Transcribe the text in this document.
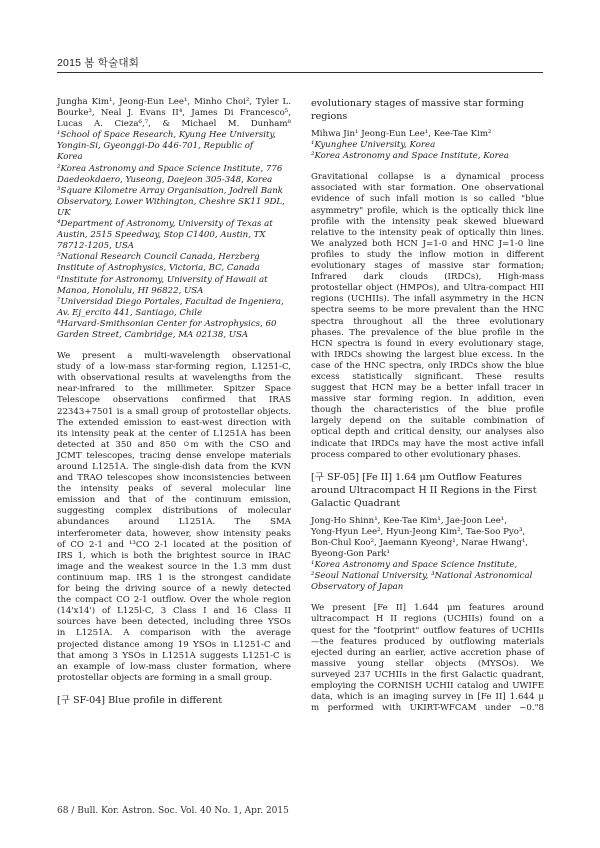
2015 봄 학술대회
Jungha Kim¹, Jeong-Eun Lee¹, Minho Choi², Tyler L.
Bourke³, Neal J. Evans II⁴, James Di Francesco⁵,
Lucas A. Cieza⁶,⁷, & Michael M. Dunham⁸
¹School of Space Research, Kyung Hee University,
Yongin-Si, Gyeonggi-Do 446-701, Republic of
Korea
²Korea Astronomy and Space Science Institute, 776
Daedeokdaero, Yuseong, Daejeon 305-348, Korea
³Square Kilometre Array Organisation, Jodrell Bank
Observatory, Lower Withington, Cheshre SK11 9DL,
UK
⁴Department of Astronomy, University of Texas at
Austin, 2515 Speedway, Stop C1400, Austin, TX
78712-1205, USA
⁵National Research Council Canada, Herzberg
Institute of Astrophysics, Victoria, BC, Canada
⁶Institute for Astronomy, University of Hawaii at
Manoa, Honolulu, HI 96822, USA
⁷Universidad Diego Portales, Facultad de Ingeniera,
Av. Ej_ercito 441, Santiago, Chile
⁸Harvard-Smithsonian Center for Astrophysics, 60
Garden Street, Cambridge, MA 02138, USA
We present a multi-wavelength observational
study of a low-mass star-forming region, L1251-C,
with observational results at wavelengths from the
near-infrared to the millimeter. Spitzer Space
Telescope observations confirmed that IRAS
22343+7501 is a small group of protostellar objects.
The extended emission to east-west direction with
its intensity peak at the center of L1251A has been
detected at 350 and 850 ㅇm with the CSO and
JCMT telescopes, tracing dense envelope materials
around L1251A. The single-dish data from the KVN
and TRAO telescopes show inconsistencies between
the intensity peaks of several molecular line
emission and that of the continuum emission,
suggesting complex distributions of molecular
abundances around L1251A. The SMA
interferometer data, however, show intensity peaks
of CO 2-1 and ¹³CO 2-1 located at the position of
IRS 1, which is both the brightest source in IRAC
image and the weakest source in the 1.3 mm dust
continuum map. IRS 1 is the strongest candidate
for being the driving source of a newly detected
the compact CO 2-1 outflow. Over the whole region
(14'x14') of L125l-C, 3 Class I and 16 Class II
sources have been detected, including three YSOs
in L1251A. A comparison with the average
projected distance among 19 YSOs in L1251-C and
that among 3 YSOs in L1251A suggests L1251-C is
an example of low-mass cluster formation, where
protostellar objects are forming in a small group.
[구 SF-04] Blue profile in different
evolutionary stages of massive star forming
regions
Mihwa Jin¹ Jeong-Eun Lee¹, Kee-Tae Kim²
¹Kyunghee University, Korea
²Korea Astronomy and Space Institute, Korea
Gravitational collapse is a dynamical process
associated with star formation. One observational
evidence of such infall motion is so called "blue
asymmetry" profile, which is the optically thick line
profile with the intensity peak skewed blueward
relative to the intensity peak of optically thin lines.
We analyzed both HCN J=1-0 and HNC J=1-0 line
profiles to study the inflow motion in different
evolutionary stages of massive star formation;
Infrared dark clouds (IRDCs), High-mass
protostellar object (HMPOs), and Ultra-compact HII
regions (UCHIIs). The infall asymmetry in the HCN
spectra seems to be more prevalent than the HNC
spectra throughout all the three evolutionary
phases. The prevalence of the blue profile in the
HCN spectra is found in every evolutionary stage,
with IRDCs showing the largest blue excess. In the
case of the HNC spectra, only IRDCs show the blue
excess statistically significant. These results
suggest that HCN may be a better infall tracer in
massive star forming region. In addition, even
though the characteristics of the blue profile
largely depend on the suitable combination of
optical depth and critical density, our analyses also
indicate that IRDCs may have the most active infall
process compared to other evolutionary phases.
[구 SF-05] [Fe II] 1.64 μm Outflow Features
around Ultracompact H II Regions in the First
Galactic Quadrant
Jong-Ho Shinn¹, Kee-Tae Kim¹, Jae-Joon Lee¹,
Yong-Hyun Lee², Hyun-Jeong Kim², Tae-Soo Pyo³,
Bon-Chul Koo², Jaemann Kyeong¹, Narae Hwang¹,
Byeong-Gon Park¹
¹Korea Astronomy and Space Science Institute,
²Seoul National University, ³National Astronomical
Observatory of Japan
We present [Fe II] 1.644 μm features around
ultracompact H II regions (UCHIIs) found on a
quest for the "footprint" outflow features of UCHIIs
—the features produced by outflowing materials
ejected during an earlier, active accretion phase of
massive young stellar objects (MYSOs). We
surveyed 237 UCHIIs in the first Galactic quadrant,
employing the CORNISH UCHII catalog and UWIFE
data, which is an imaging survey in [Fe II] 1.644 μ
m performed with UKIRT-WFCAM under ~0."8
68 / Bull. Kor. Astron. Soc. Vol. 40 No. 1, Apr. 2015
